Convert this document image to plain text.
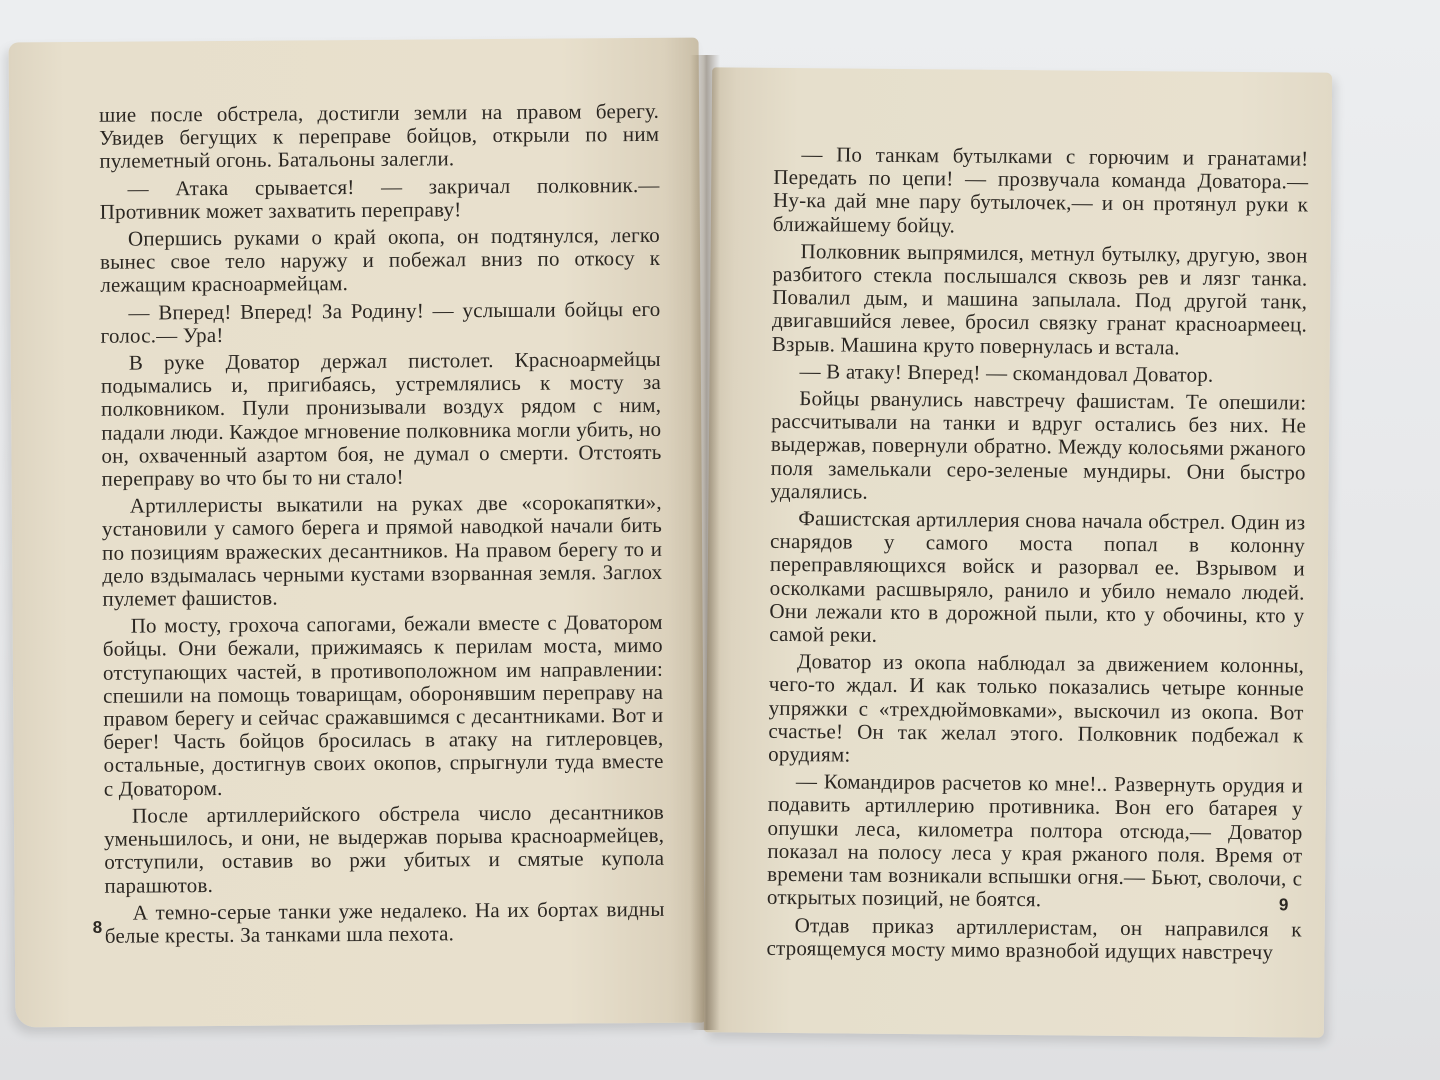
шие после обстрела, достигли земли на правом берегу. Увидев бегущих к переправе бойцов, открыли по ним пулеметный огонь. Батальоны залегли.

— Атака срывается! — закричал полковник.— Противник может захватить переправу!

Опершись руками о край окопа, он подтянулся, легко вынес свое тело наружу и побежал вниз по откосу к лежащим красноармейцам.

— Вперед! Вперед! За Родину! — услышали бойцы его голос.— Ура!

В руке Доватор держал пистолет. Красноармейцы подымались и, пригибаясь, устремлялись к мосту за полковником. Пули пронизывали воздух рядом с ним, падали люди. Каждое мгновение полковника могли убить, но он, охваченный азартом боя, не думал о смерти. Отстоять переправу во что бы то ни стало!

Артиллеристы выкатили на руках две «сорокапятки», установили у самого берега и прямой наводкой начали бить по позициям вражеских десантников. На правом берегу то и дело вздымалась черными кустами взорванная земля. Заглох пулемет фашистов.

По мосту, грохоча сапогами, бежали вместе с Доватором бойцы. Они бежали, прижимаясь к перилам моста, мимо отступающих частей, в противоположном им направлении: спешили на помощь товарищам, оборонявшим переправу на правом берегу и сейчас сражавшимся с десантниками. Вот и берег! Часть бойцов бросилась в атаку на гитлеровцев, остальные, достигнув своих окопов, спрыгнули туда вместе с Доватором.

После артиллерийского обстрела число десантников уменьшилось, и они, не выдержав порыва красноармейцев, отступили, оставив во ржи убитых и смятые купола парашютов.

А темно-серые танки уже недалеко. На их бортах видны белые кресты. За танками шла пехота.

8

— По танкам бутылками с горючим и гранатами! Передать по цепи! — прозвучала команда Доватора.— Ну-ка дай мне пару бутылочек,— и он протянул руки к ближайшему бойцу.

Полковник выпрямился, метнул бутылку, другую, звон разбитого стекла послышался сквозь рев и лязг танка. Повалил дым, и машина запылала. Под другой танк, двигавшийся левее, бросил связку гранат красноармеец. Взрыв. Машина круто повернулась и встала.

— В атаку! Вперед! — скомандовал Доватор.

Бойцы рванулись навстречу фашистам. Те опешили: рассчитывали на танки и вдруг остались без них. Не выдержав, повернули обратно. Между колосьями ржаного поля замелькали серо-зеленые мундиры. Они быстро удалялись.

Фашистская артиллерия снова начала обстрел. Один из снарядов у самого моста попал в колонну переправляющихся войск и разорвал ее. Взрывом и осколками расшвыряло, ранило и убило немало людей. Они лежали кто в дорожной пыли, кто у обочины, кто у самой реки.

Доватор из окопа наблюдал за движением колонны, чего-то ждал. И как только показались четыре конные упряжки с «трехдюймовками», выскочил из окопа. Вот счастье! Он так желал этого. Полковник подбежал к орудиям:

— Командиров расчетов ко мне!.. Развернуть орудия и подавить артиллерию противника. Вон его батарея у опушки леса, километра полтора отсюда,— Доватор показал на полосу леса у края ржаного поля. Время от времени там возникали вспышки огня.— Бьют, сволочи, с открытых позиций, не боятся.

Отдав приказ артиллеристам, он направился к строящемуся мосту мимо вразнобой идущих навстречу

9
